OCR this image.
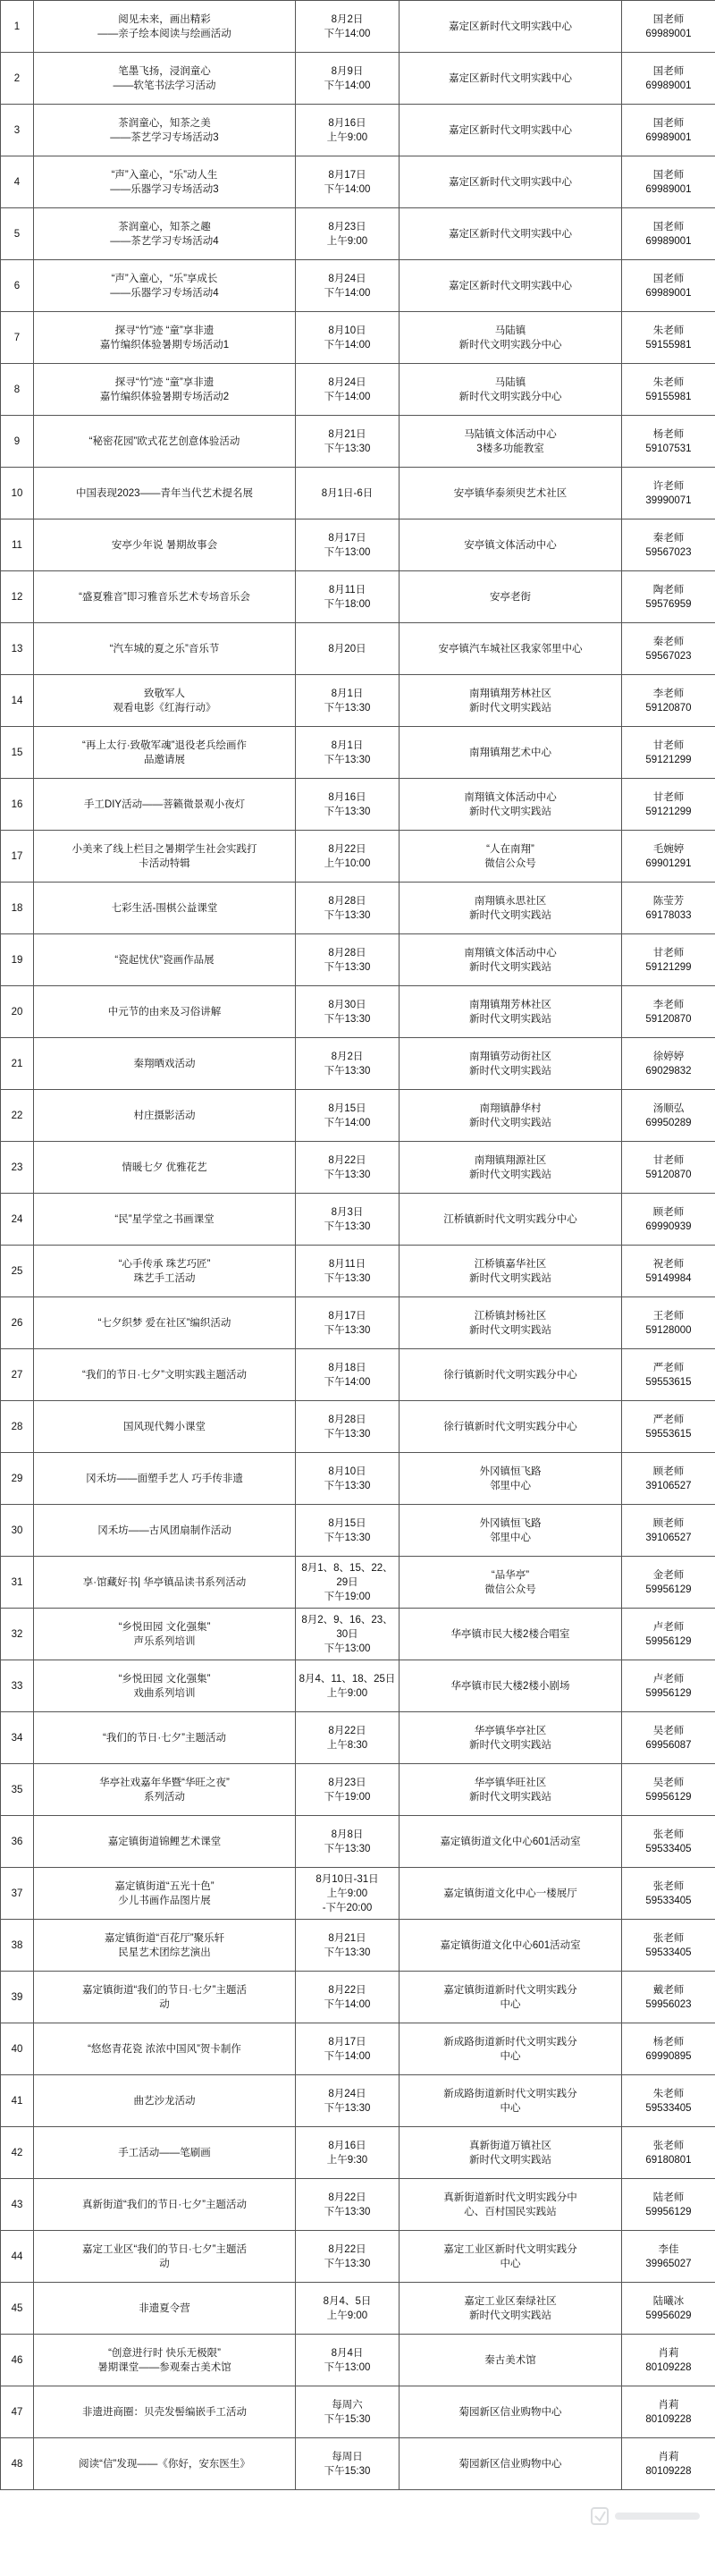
1	阅见未来，画出精彩
——亲子绘本阅读与绘画活动	8月2日
下午14:00	嘉定区新时代文明实践中心	国老师
69989001
2	笔墨飞扬，浸润童心
——软笔书法学习活动	8月9日
下午14:00	嘉定区新时代文明实践中心	国老师
69989001
3	茶润童心，知茶之美
——茶艺学习专场活动3	8月16日
上午9:00	嘉定区新时代文明实践中心	国老师
69989001
4	“声”入童心，“乐”动人生
——乐器学习专场活动3	8月17日
下午14:00	嘉定区新时代文明实践中心	国老师
69989001
5	茶润童心，知茶之趣
——茶艺学习专场活动4	8月23日
上午9:00	嘉定区新时代文明实践中心	国老师
69989001
6	“声”入童心，“乐”享成长
——乐器学习专场活动4	8月24日
下午14:00	嘉定区新时代文明实践中心	国老师
69989001
7	探寻“竹”迹 “童”享非遗
嘉竹编织体验暑期专场活动1	8月10日
下午14:00	马陆镇
新时代文明实践分中心	朱老师
59155981
8	探寻“竹”迹 “童”享非遗
嘉竹编织体验暑期专场活动2	8月24日
下午14:00	马陆镇
新时代文明实践分中心	朱老师
59155981
9	“秘密花园”欧式花艺创意体验活动	8月21日
下午13:30	马陆镇文体活动中心
3楼多功能教室	杨老师
59107531
10	中国表现2023——青年当代艺术提名展	8月1日-6日	安亭镇华泰须臾艺术社区	许老师
39990071
11	安亭少年说 暑期故事会	8月17日
下午13:00	安亭镇文体活动中心	秦老师
59567023
12	“盛夏雅音”即习雅音乐艺术专场音乐会	8月11日
下午18:00	安亭老街	陶老师
59576959
13	“汽车城的夏之乐”音乐节	8月20日	安亭镇汽车城社区我家邻里中心	秦老师
59567023
14	致敬军人
观看电影《红海行动》	8月1日
下午13:30	南翔镇翔芳林社区
新时代文明实践站	李老师
59120870
15	“再上太行·致敬军魂”退役老兵绘画作
品邀请展	8月1日
下午13:30	南翔镇翔艺术中心	甘老师
59121299
16	手工DIY活动——菩籁微景观小夜灯	8月16日
下午13:30	南翔镇文体活动中心
新时代文明实践站	甘老师
59121299
17	小美来了线上栏目之暑期学生社会实践打
卡活动特辑	8月22日
上午10:00	“人在南翔”
微信公众号	毛婉婷
69901291
18	七彩生活-围棋公益课堂	8月28日
下午13:30	南翔镇永思社区
新时代文明实践站	陈莹芳
69178033
19	“瓷起忧伏”瓷画作品展	8月28日
下午13:30	南翔镇文体活动中心
新时代文明实践站	甘老师
59121299
20	中元节的由来及习俗讲解	8月30日
下午13:30	南翔镇翔芳林社区
新时代文明实践站	李老师
59120870
21	秦翔晒戏活动	8月2日
下午13:30	南翔镇劳动街社区
新时代文明实践站	徐婷婷
69029832
22	村庄摄影活动	8月15日
下午14:00	南翔镇静华村
新时代文明实践站	汤顺弘
69950289
23	情暖七夕 优雅花艺	8月22日
下午13:30	南翔镇翔源社区
新时代文明实践站	甘老师
59120870
24	“民”星学堂之书画课堂	8月3日
下午13:30	江桥镇新时代文明实践分中心	顾老师
69990939
25	“心手传承 珠艺巧匠”
珠艺手工活动	8月11日
下午13:30	江桥镇嘉华社区
新时代文明实践站	祝老师
59149984
26	“七夕织梦 爱在社区”编织活动	8月17日
下午13:30	江桥镇封杨社区
新时代文明实践站	王老师
59128000
27	“我们的节日·七夕”文明实践主题活动	8月18日
下午14:00	徐行镇新时代文明实践分中心	严老师
59553615
28	国风现代舞小课堂	8月28日
下午13:30	徐行镇新时代文明实践分中心	严老师
59553615
29	冈禾坊——面塑手艺人 巧手传非遗	8月10日
下午13:30	外冈镇恒飞路
邻里中心	顾老师
39106527
30	冈禾坊——古风团扇制作活动	8月15日
下午13:30	外冈镇恒飞路
邻里中心	顾老师
39106527
31	享·馆藏好书| 华亭镇品读书系列活动	8月1、8、15、22、29日
下午19:00	“品华亭”
微信公众号	金老师
59956129
32	“乡悦田园 文化强集”
声乐系列培训	8月2、9、16、23、30日
下午13:00	华亭镇市民大楼2楼合唱室	卢老师
59956129
33	“乡悦田园 文化强集”
戏曲系列培训	8月4、11、18、25日
上午9:00	华亭镇市民大楼2楼小剧场	卢老师
59956129
34	“我们的节日·七夕”主题活动	8月22日
上午8:30	华亭镇华亭社区
新时代文明实践站	吴老师
69956087
35	华亭社戏嘉年华暨“华旺之夜”
系列活动	8月23日
下午19:00	华亭镇华旺社区
新时代文明实践站	吴老师
59956129
36	嘉定镇街道锦鲤艺术课堂	8月8日
下午13:30	嘉定镇街道文化中心601活动室	张老师
59533405
37	嘉定镇街道“五光十色”
少儿书画作品图片展	8月10日-31日
上午9:00
-下午20:00	嘉定镇街道文化中心一楼展厅	张老师
59533405
38	嘉定镇街道“百花厅”聚乐轩
民星艺术团综艺演出	8月21日
下午13:30	嘉定镇街道文化中心601活动室	张老师
59533405
39	嘉定镇街道“我们的节日·七夕”主题活
动	8月22日
下午14:00	嘉定镇街道新时代文明实践分
中心	戴老师
59956023
40	“悠悠青花瓷 浓浓中国风”贺卡制作	8月17日
下午14:00	新成路街道新时代文明实践分
中心	杨老师
69990895
41	曲艺沙龙活动	8月24日
下午13:30	新成路街道新时代文明实践分
中心	朱老师
59533405
42	手工活动——笔刷画	8月16日
上午9:30	真新街道万镇社区
新时代文明实践站	张老师
69180801
43	真新街道“我们的节日·七夕”主题活动	8月22日
下午13:30	真新街道新时代文明实践分中
心、百村国民实践站	陆老师
59956129
44	嘉定工业区“我们的节日·七夕”主题活
动	8月22日
下午13:30	嘉定工业区新时代文明实践分
中心	李佳
39965027
45	非遗夏令营	8月4、5日
上午9:00	嘉定工业区秦绿社区
新时代文明实践站	陆曦冰
59956029
46	“创意进行时 快乐无极限”
暑期课堂——参观秦古美术馆	8月4日
下午13:00	秦古美术馆	肖莉
80109228
47	非遗进商圈：贝壳发髻编嵌手工活动	每周六
下午15:30	菊园新区信业购物中心	肖莉
80109228
48	阅读“信”发现——《你好，安东医生》	每周日
下午15:30	菊园新区信业购物中心	肖莉
80109228
